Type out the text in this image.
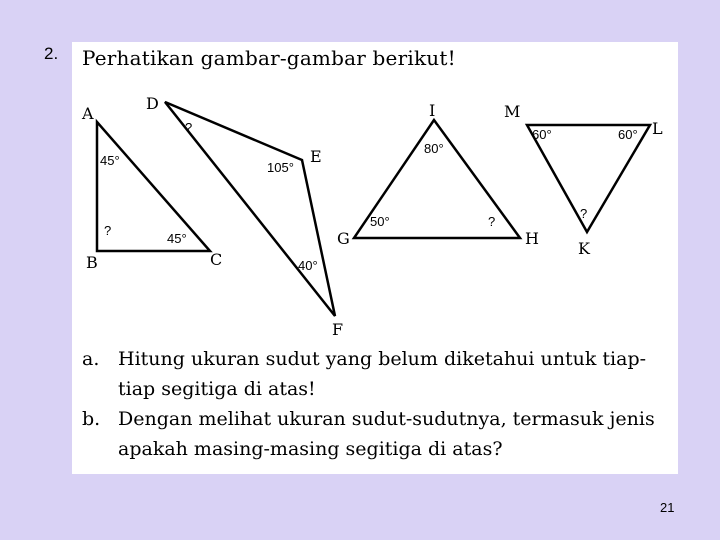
2. Perhatikan gambar-gambar berikut!
A
B	C
45°
?
45°
D
E
F
?
105°
40°
I
G	H
80°
50°	?
M
L
K
60°	60°
?
a. Hitung ukuran sudut yang belum diketahui untuk tiap-tiap segitiga di atas!
b. Dengan melihat ukuran sudut-sudutnya, termasuk jenis apakah masing-masing segitiga di atas?
21
